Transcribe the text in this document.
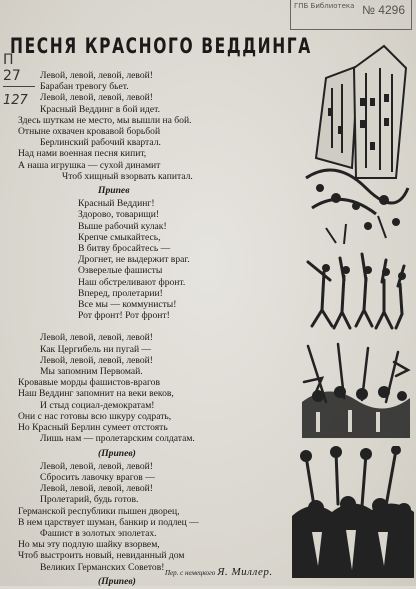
ГПБ Библиотека № 4296
П 27
127
ПЕСНЯ КРАСНОГО ВЕДДИНГА
Левой, левой, левой, левой!
Барабан тревогу бьет.
Левой, левой, левой, левой!
Красный Веддинг в бой идет.
Здесь шуткам не место, мы вышли на бой.
Отныне охвачен кровавой борьбой
Берлинский рабочий квартал.
Над нами военная песня кипит,
А наша игрушка — сухой динамит
Чтоб хищный взорвать капитал.
Припев
Красный Веддинг!
Здорово, товарищи!
Выше рабочий кулак!
Крепче смыкайтесь,
В битву бросайтесь —
Дрогнет, не выдержит враг.
Озверелые фашисты
Наш обстреливают фронт.
Вперед, пролетарии!
Все мы — коммунисты!
Рот фронт! Рот фронт!
Левой, левой, левой, левой!
Как Цергибель ни пугай —
Левой, левой, левой, левой!
Мы запомним Первомай.
Кровавые морды фашистов-врагов
Наш Веддинг запомнит на веки веков,
И стыд социал-демократам!
Они с нас готовы всю шкуру содрать,
Но Красный Берлин сумеет отстоять
Лишь нам — пролетарским солдатам.
(Припев)
Левой, левой, левой, левой!
Сбросить лавочку врагов —
Левой, левой, левой, левой!
Пролетарий, будь готов.
Германской республики пышен дворец,
В нем царствует шуман, банкир и подлец —
Фашист в золотых эполетах.
Но мы эту подлую шайку взорвем,
Чтоб выстроить новый, невиданный дом
Великих Германских Советов!
(Припев)
Пер. с немецкого Я. Миллер.
